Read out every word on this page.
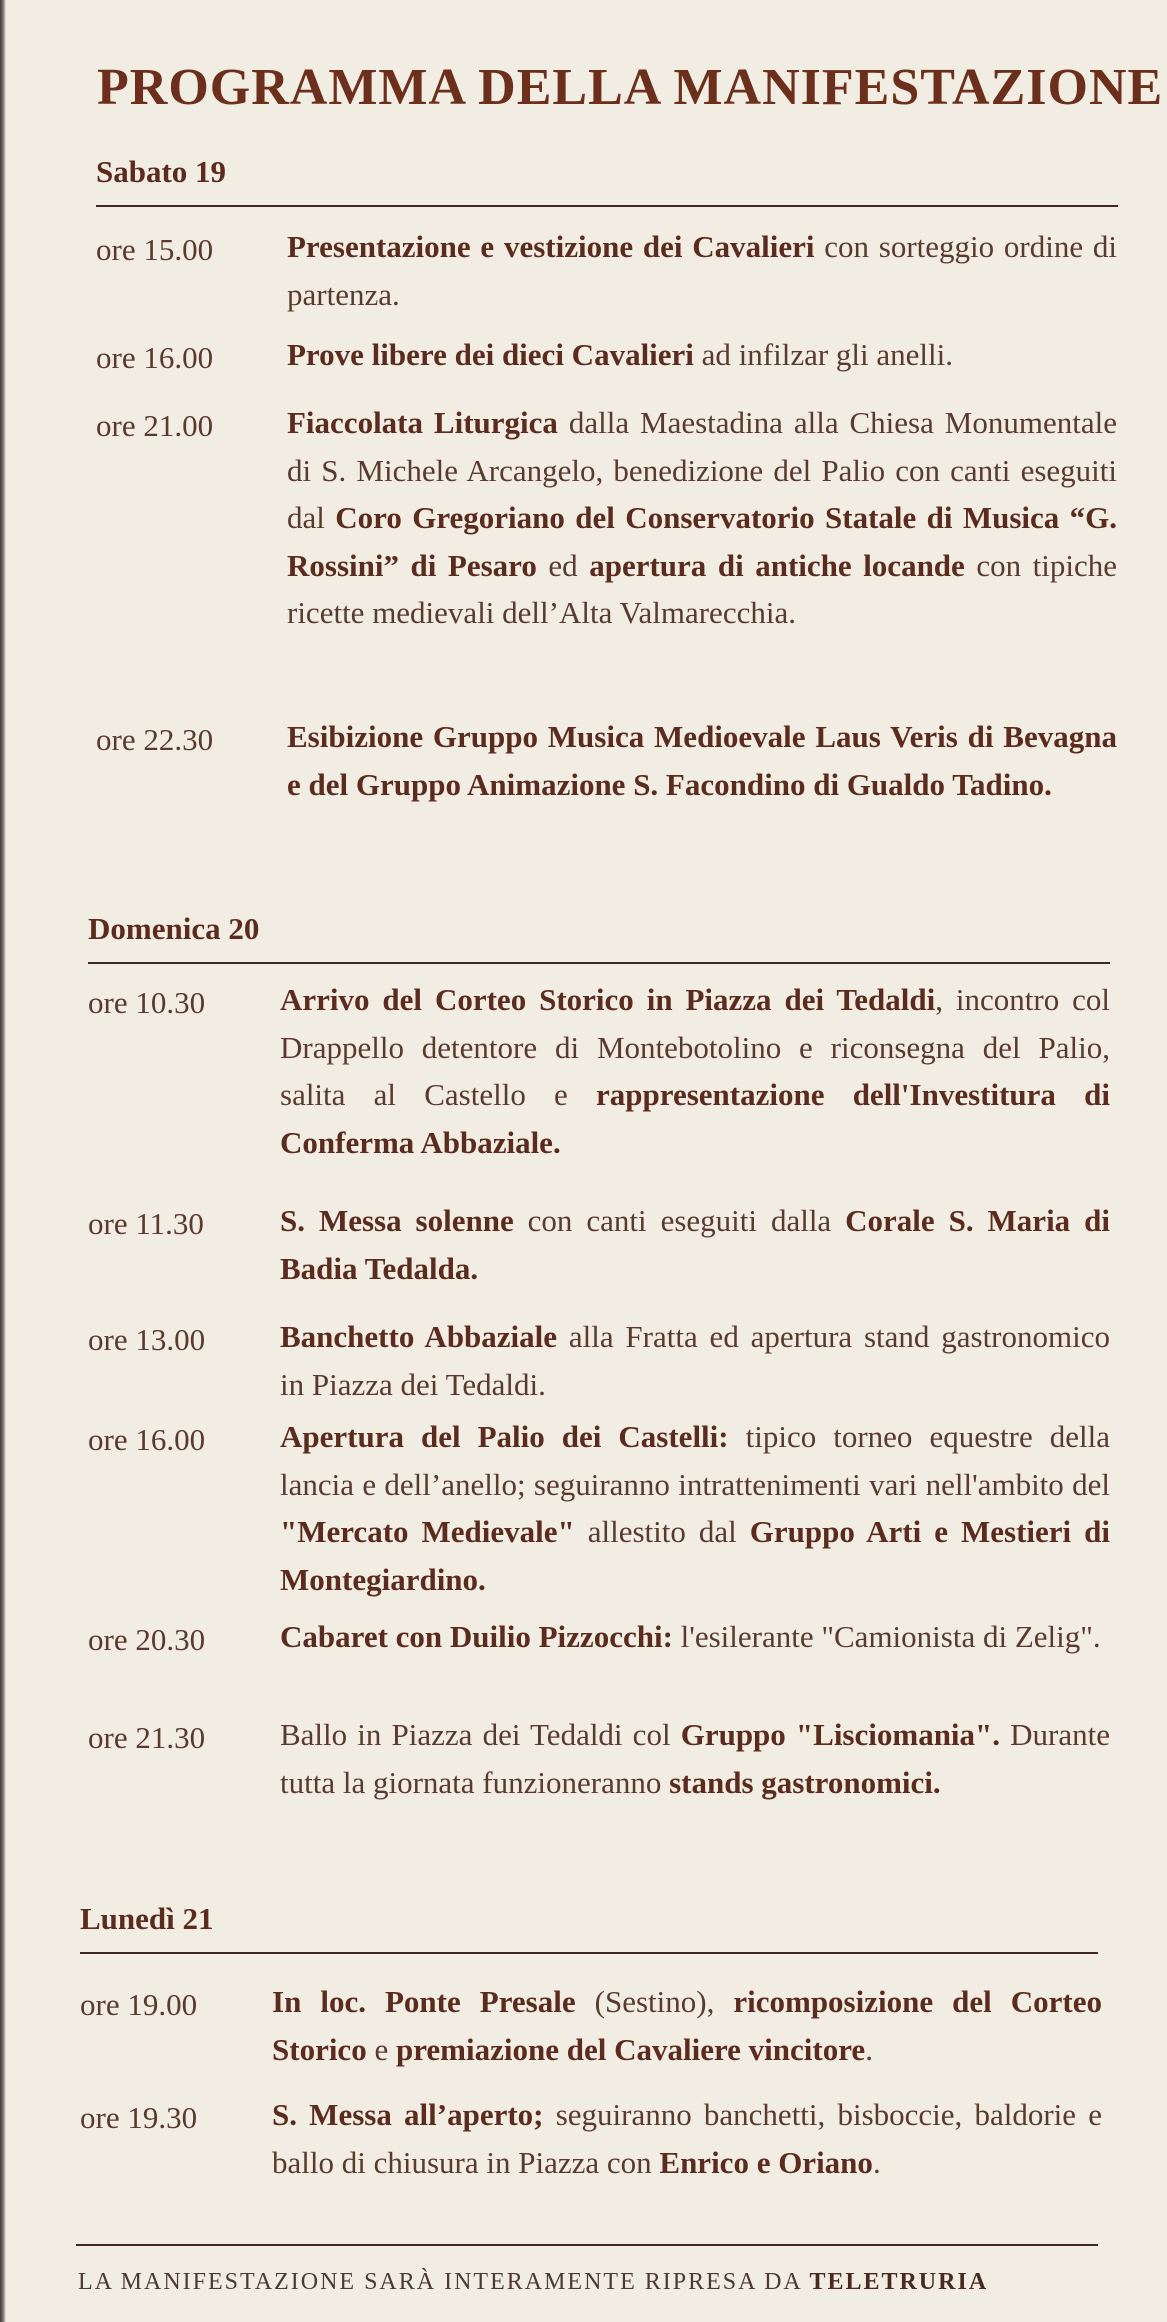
PROGRAMMA DELLA MANIFESTAZIONE
Sabato 19
ore 15.00 Presentazione e vestizione dei Cavalieri con sorteggio ordine di partenza.
ore 16.00 Prove libere dei dieci Cavalieri ad infilzar gli anelli.
ore 21.00 Fiaccolata Liturgica dalla Maestadina alla Chiesa Monumentale di S. Michele Arcangelo, benedizione del Palio con canti eseguiti dal Coro Gregoriano del Conservatorio Statale di Musica “G. Rossini” di Pesaro ed apertura di antiche locande con tipiche ricette medievali dell’Alta Valmarecchia.
ore 22.30 Esibizione Gruppo Musica Medioevale Laus Veris di Bevagna e del Gruppo Animazione S. Facondino di Gualdo Tadino.
Domenica 20
ore 10.30 Arrivo del Corteo Storico in Piazza dei Tedaldi, incontro col Drappello detentore di Montebotolino e riconsegna del Palio, salita al Castello e rappresentazione dell'Investitura di Conferma Abbaziale.
ore 11.30 S. Messa solenne con canti eseguiti dalla Corale S. Maria di Badia Tedalda.
ore 13.00 Banchetto Abbaziale alla Fratta ed apertura stand gastronomico in Piazza dei Tedaldi.
ore 16.00 Apertura del Palio dei Castelli: tipico torneo equestre della lancia e dell’anello; seguiranno intrattenimenti vari nell'ambito del "Mercato Medievale" allestito dal Gruppo Arti e Mestieri di Montegiardino.
ore 20.30 Cabaret con Duilio Pizzocchi: l'esilerante "Camionista di Zelig".
ore 21.30 Ballo in Piazza dei Tedaldi col Gruppo "Lisciomania". Durante tutta la giornata funzioneranno stands gastronomici.
Lunedì 21
ore 19.00 In loc. Ponte Presale (Sestino), ricomposizione del Corteo Storico e premiazione del Cavaliere vincitore.
ore 19.30 S. Messa all’aperto; seguiranno banchetti, bisboccie, baldorie e ballo di chiusura in Piazza con Enrico e Oriano.
LA MANIFESTAZIONE SARÀ INTERAMENTE RIPRESA DA TELETRURIA
